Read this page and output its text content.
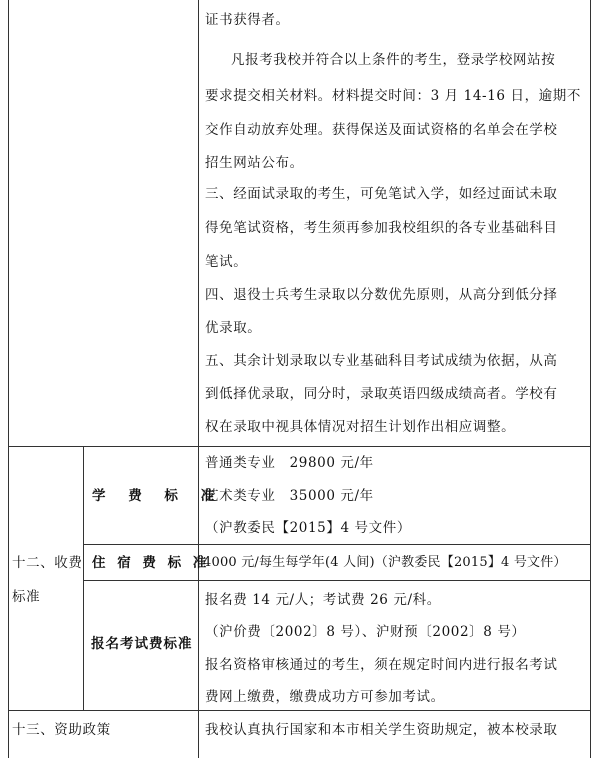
证书获得者。
凡报考我校并符合以上条件的考生，登录学校网站按
要求提交相关材料。材料提交时间：3 月 14-16 日，逾期不
交作自动放弃处理。获得保送及面试资格的名单会在学校
招生网站公布。
三、经面试录取的考生，可免笔试入学，如经过面试未取
得免笔试资格，考生须再参加我校组织的各专业基础科目
笔试。
四、退役士兵考生录取以分数优先原则，从高分到低分择
优录取。
五、其余计划录取以专业基础科目考试成绩为依据，从高
到低择优录取，同分时，录取英语四级成绩高者。学校有
权在录取中视具体情况对招生计划作出相应调整。
十二、收费
标准
学 费 标 准
普通类专业　29800 元/年
艺术类专业　35000 元/年
（沪教委民【2015】4 号文件）
住 宿 费 标 准
4000 元/每生每学年(4 人间)（沪教委民【2015】4 号文件）
报名考试费标准
报名费 14 元/人；考试费 26 元/科。
（沪价费〔2002〕8 号）、沪财预〔2002〕8 号）
报名资格审核通过的考生，须在规定时间内进行报名考试
费网上缴费，缴费成功方可参加考试。
十三、资助政策	我校认真执行国家和本市相关学生资助规定，被本校录取
